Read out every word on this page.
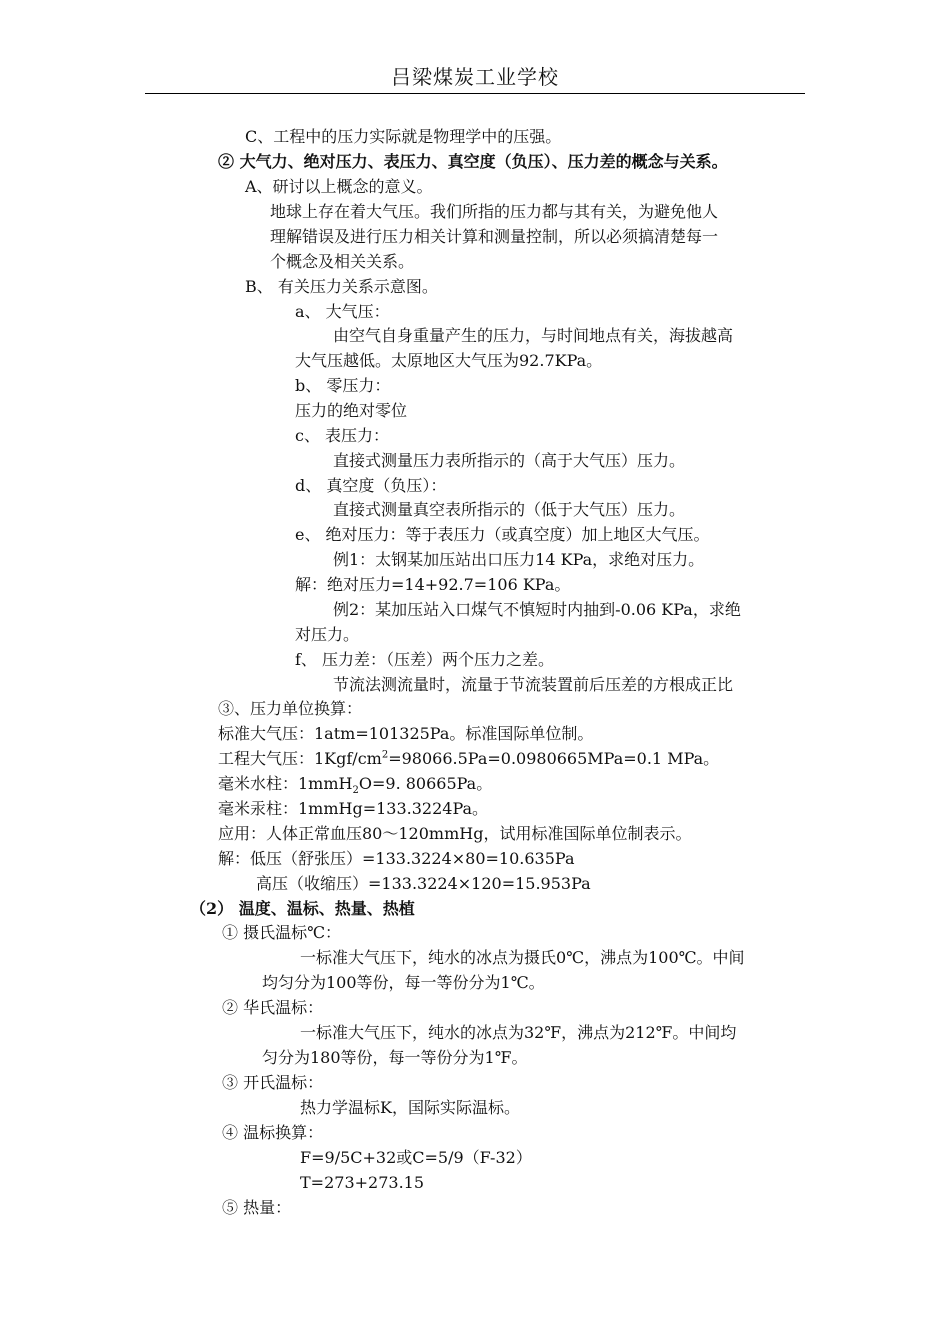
吕梁煤炭工业学校
C、工程中的压力实际就是物理学中的压强。
② 大气力、绝对压力、表压力、真空度（负压）、压力差的概念与关系。
A、研讨以上概念的意义。
地球上存在着大气压。我们所指的压力都与其有关，为避免他人
理解错误及进行压力相关计算和测量控制，所以必须搞清楚每一
个概念及相关关系。
B、 有关压力关系示意图。
a、 大气压：
由空气自身重量产生的压力，与时间地点有关，海拔越高
大气压越低。太原地区大气压为92.7KPa。
b、 零压力：
压力的绝对零位
c、 表压力：
直接式测量压力表所指示的（高于大气压）压力。
d、 真空度（负压）：
直接式测量真空表所指示的（低于大气压）压力。
e、 绝对压力：等于表压力（或真空度）加上地区大气压。
例1：太钢某加压站出口压力14 KPa，求绝对压力。
解：绝对压力=14+92.7=106 KPa。
例2：某加压站入口煤气不慎短时内抽到-0.06 KPa，求绝
对压力。
f、 压力差：（压差）两个压力之差。
节流法测流量时，流量于节流装置前后压差的方根成正比
③、压力单位换算：
标准大气压：1atm=101325Pa。标准国际单位制。
工程大气压：$1Kgf/cm^2=98066.5Pa=0.0980665MPa=0.1$ MPa。
毫米水柱：1mmH$_2$O=9. 80665Pa。
毫米汞柱：1mmHg=133.3224Pa。
应用：人体正常血压80～120mmHg，试用标准国际单位制表示。
解：低压（舒张压）=133.3224×80=10.635Pa
高压（收缩压）=133.3224×120=15.953Pa
（2） 温度、温标、热量、热植
① 摄氏温标℃：
一标准大气压下，纯水的冰点为摄氏0℃，沸点为100℃。中间
均匀分为100等份，每一等份分为1℃。
② 华氏温标：
一标准大气压下，纯水的冰点为32℉，沸点为212℉。中间均
匀分为180等份，每一等份分为1℉。
③ 开氏温标：
热力学温标K，国际实际温标。
④ 温标换算：
F=9/5C+32或C=5/9（F-32）
T=273+273.15
⑤ 热量：
